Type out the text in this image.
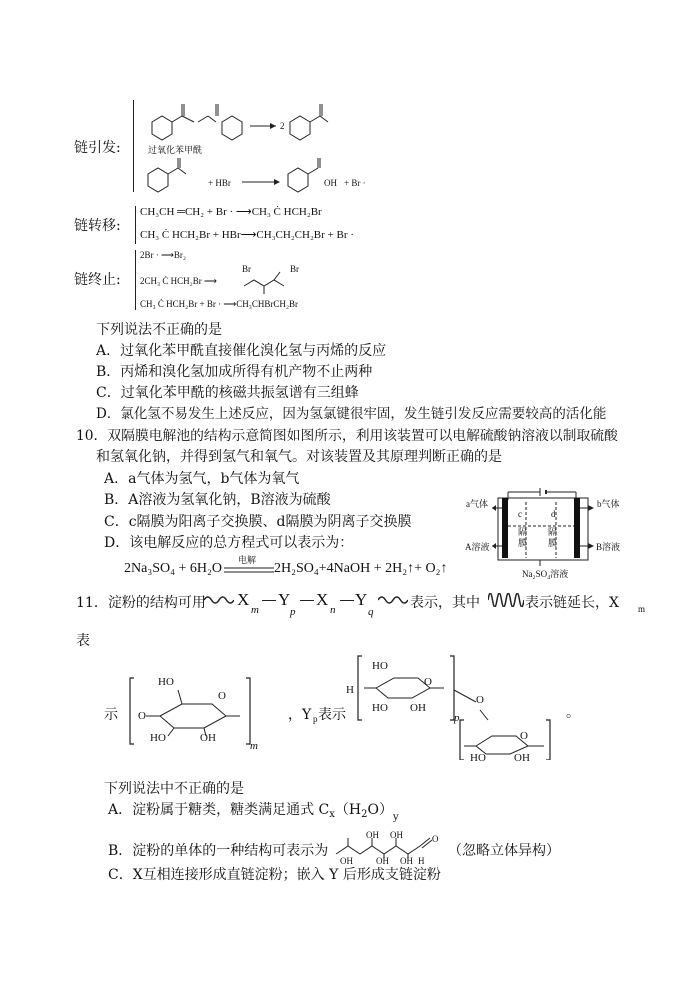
链引发:
2
过氧化苯甲酰
+ HBr	OH + Br ·
链转移:
CH₃CH ═CH₂ + Br · ⟶CH₃ Ċ HCH₂Br
CH₃ Ċ HCH₂Br + HBr⟶CH₃CH₂CH₂Br + Br ·
链终止:
2Br · ⟶Br₂
2CH₃ Ċ HCH₂Br ⟶
Br
Br
CH₃ Ċ HCH₂Br + Br · ⟶CH₃CHBrCH₂Br
下列说法不正确的是
A．过氧化苯甲酰直接催化溴化氢与丙烯的反应
B．丙烯和溴化氢加成所得有机产物不止两种
C．过氧化苯甲酰的核磁共振氢谱有三组蜂
D．氯化氢不易发生上述反应，因为氢氯键很牢固，发生链引发反应需要较高的活化能
10．双隔膜电解池的结构示意简图如图所示，利用该装置可以电解硫酸钠溶液以制取硫酸
和氢氧化钠，并得到氢气和氧气。对该装置及其原理判断正确的是
A．a气体为氢气，b气体为氧气
B．A溶液为氢氧化钠，B溶液为硫酸
C．c隔膜为阳离子交换膜、d隔膜为阴离子交换膜
D．该电解反应的总方程式可以表示为：
2Na₃SO₄ + 6H₂O
电解
2H₂SO₄+4NaOH + 2H₂↑+ O₂↑
a气体	b气体
A溶液	B溶液
c	d
隔
膜
隔
膜
Na₂SO₄溶液
11．淀粉的结构可用 X
m
Y
p
X
n
Y
q
表示，其中	表示链延长，X m
表
示
HO
O
O
HO	OH
m
，Y p 表示
HO
O
H
HO OH
p
O
O
HO	OH
。
下列说法中不正确的是
A．淀粉属于糖类，糖类满足通式 $C_x(H_2O)_y$
B．淀粉的单体的一种结构可表示为
OH OH
OH	OH OH
O
H
（忽略立体异构）
C．X互相连接形成直链淀粉；嵌入 Y 后形成支链淀粉
